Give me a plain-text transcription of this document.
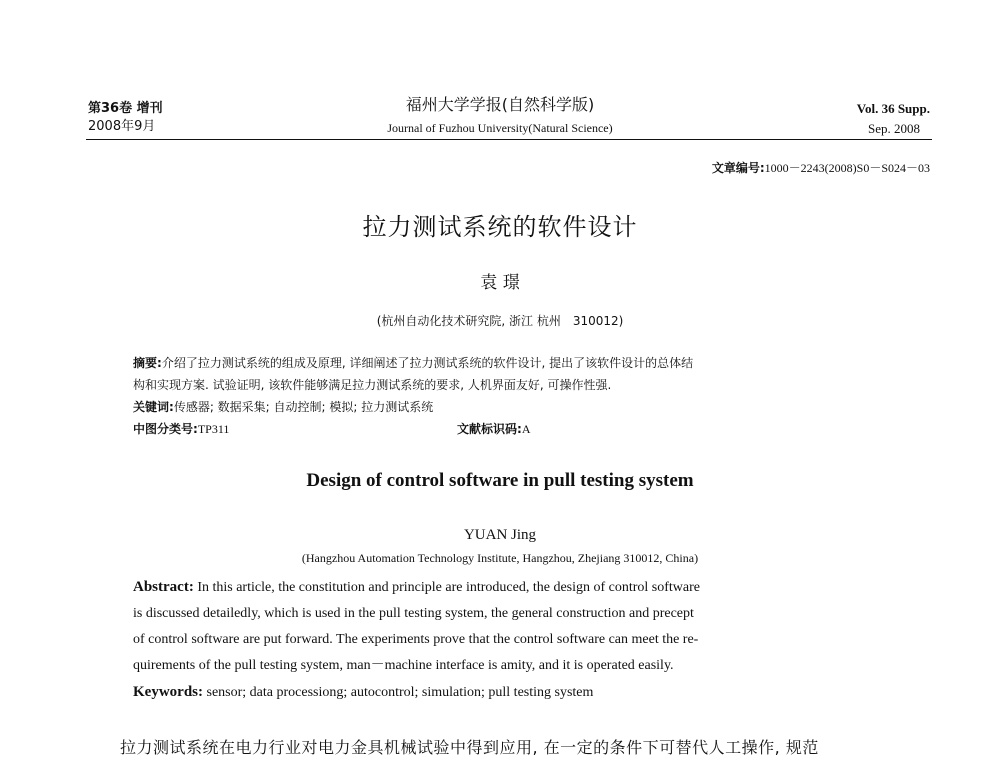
第36卷 增刊
2008年9月
福州大学学报(自然科学版)
Journal of Fuzhou University(Natural Science)
Vol. 36 Supp.
Sep. 2008
文章编号:1000－2243(2008)S0－S024－03
拉力测试系统的软件设计
袁 璟
(杭州自动化技术研究院, 浙江 杭州　310012)
摘要:介绍了拉力测试系统的组成及原理, 详细阐述了拉力测试系统的软件设计, 提出了该软件设计的总体结
构和实现方案. 试验证明, 该软件能够满足拉力测试系统的要求, 人机界面友好, 可操作性强.
关键词:传感器; 数据采集; 自动控制; 模拟; 拉力测试系统
中图分类号:TP311	文献标识码:A
Design of control software in pull testing system
YUAN Jing
(Hangzhou Automation Technology Institute, Hangzhou, Zhejiang 310012, China)
Abstract: In this article, the constitution and principle are introduced, the design of control software
is discussed detailedly, which is used in the pull testing system, the general construction and precept
of control software are put forward. The experiments prove that the control software can meet the re-
quirements of the pull testing system, man－machine interface is amity, and it is operated easily.
Keywords: sensor; data processiong; autocontrol; simulation; pull testing system
拉力测试系统在电力行业对电力金具机械试验中得到应用, 在一定的条件下可替代人工操作, 规范
